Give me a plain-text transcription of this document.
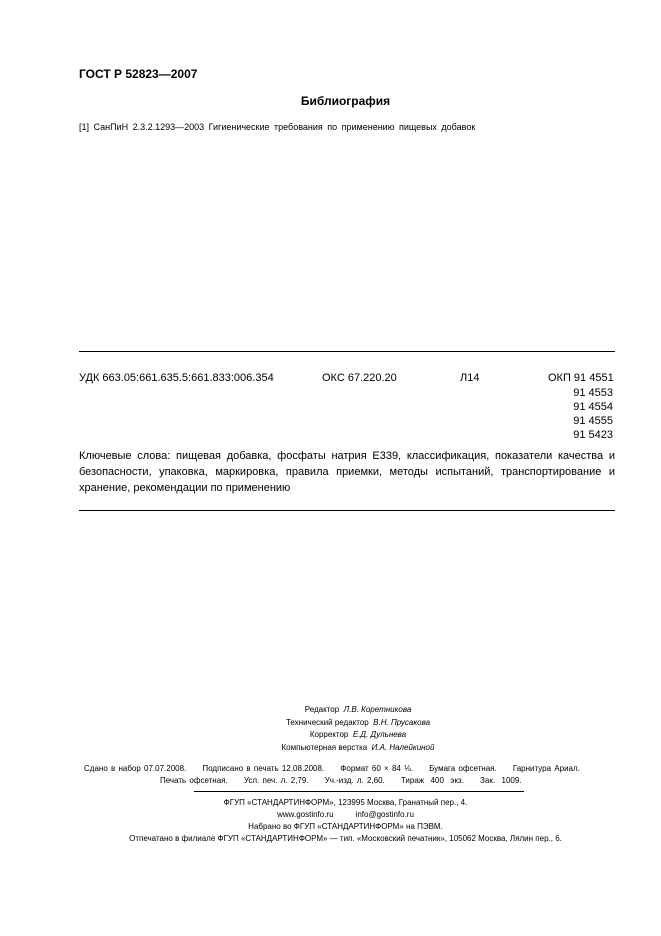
ГОСТ Р 52823—2007
Библиография
[1] СанПиН 2.3.2.1293—2003 Гигиенические требования по применению пищевых добавок
УДК 663.05:661.635.5:661.833:006.354	ОКС 67.220.20	Л14	ОКП 91 4551
91 4553
91 4554
91 4555
91 5423
Ключевые слова: пищевая добавка, фосфаты натрия Е339, классификация, показатели качества и безопасности, упаковка, маркировка, правила приемки, методы испытаний, транспортирование и хранение, рекомендации по применению
Редактор Л.В. Коретникова
Технический редактор В.Н. Прусакова
Корректор Е.Д. Дульнева
Компьютерная верстка И.А. Налейкиной
Сдано в набор 07.07.2008.     Подписано в печать 12.08.2008.     Формат 60 × 84 ⅛.     Бумага офсетная.     Гарнитура Ариал.
Печать офсетная.     Усл. печ. л. 2,79.     Уч.-изд. л. 2,60.     Тираж  400  экз.     Зак.  1009.
ФГУП «СТАНДАРТИНФОРМ», 123995 Москва, Гранатный пер., 4.
www.gostinfo.ru	info@gostinfo.ru
Набрано во ФГУП «СТАНДАРТИНФОРМ» на ПЭВМ.
Отпечатано в филиале ФГУП «СТАНДАРТИНФОРМ» — тип. «Московский печатник», 105062 Москва, Лялин пер., 6.
